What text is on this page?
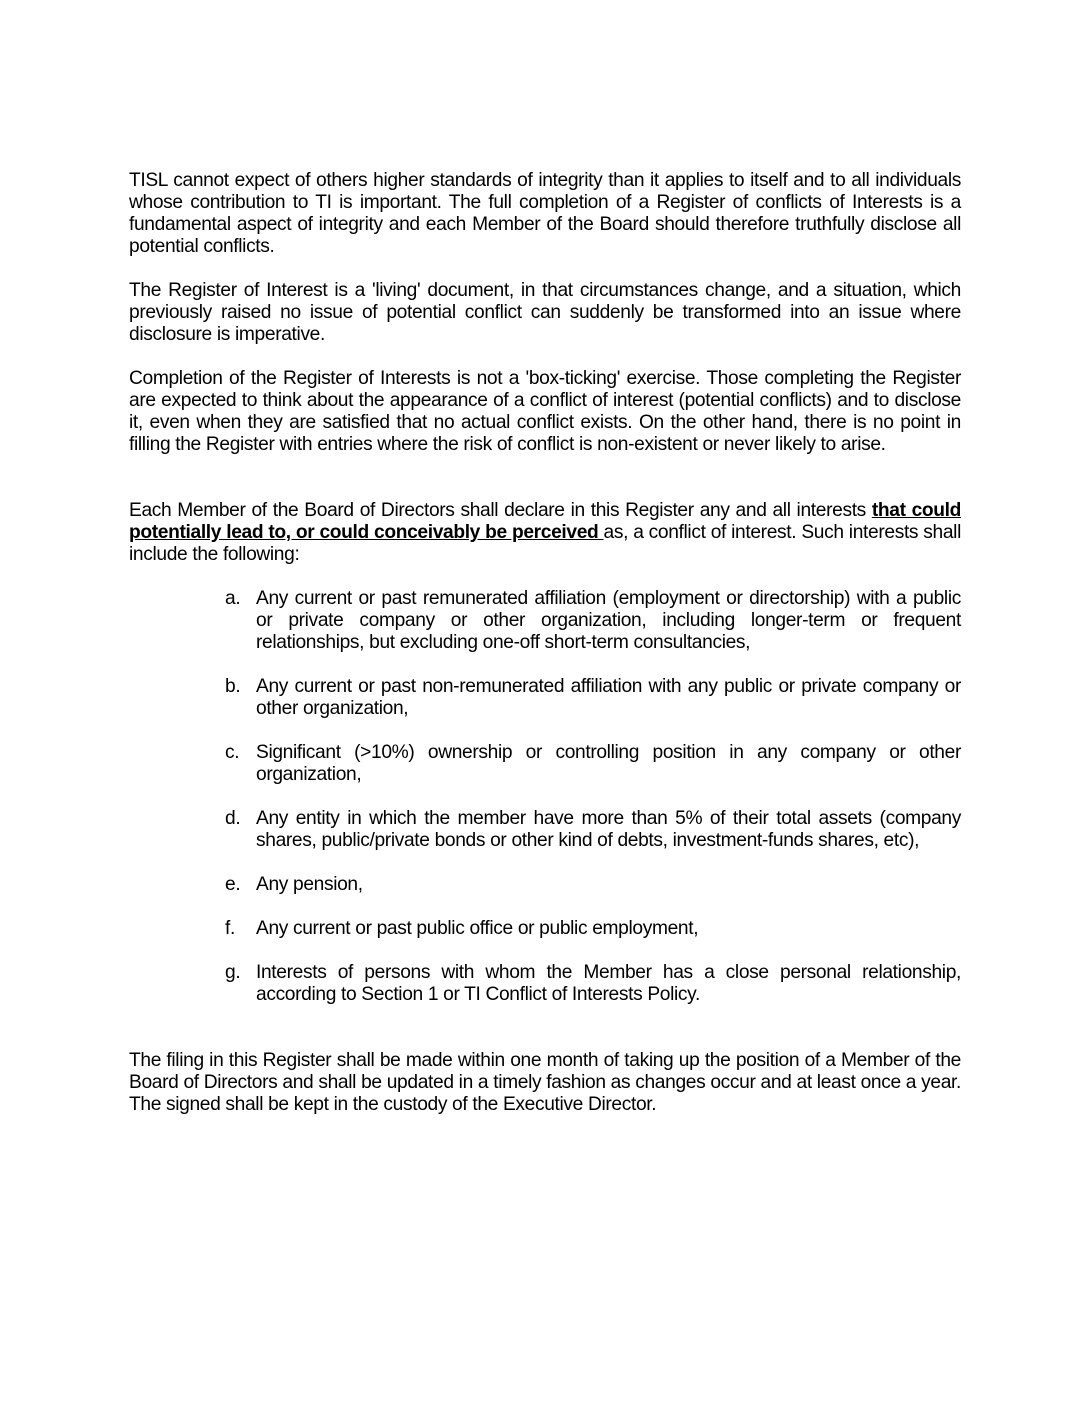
TISL cannot expect of others higher standards of integrity than it applies to itself and to all individuals whose contribution to TI is important. The full completion of a Register of conflicts of Interests is a fundamental aspect of integrity and each Member of the Board should therefore truthfully disclose all potential conflicts.

The Register of Interest is a 'living' document, in that circumstances change, and a situation, which previously raised no issue of potential conflict can suddenly be transformed into an issue where disclosure is imperative.

Completion of the Register of Interests is not a 'box-ticking' exercise. Those completing the Register are expected to think about the appearance of a conflict of interest (potential conflicts) and to disclose it, even when they are satisfied that no actual conflict exists. On the other hand, there is no point in filling the Register with entries where the risk of conflict is non-existent or never likely to arise.

Each Member of the Board of Directors shall declare in this Register any and all interests that could potentially lead to, or could conceivably be perceived as, a conflict of interest. Such interests shall include the following:

a. Any current or past remunerated affiliation (employment or directorship) with a public or private company or other organization, including longer-term or frequent relationships, but excluding one-off short-term consultancies,
b. Any current or past non-remunerated affiliation with any public or private company or other organization,
c. Significant (>10%) ownership or controlling position in any company or other organization,
d. Any entity in which the member have more than 5% of their total assets (company shares, public/private bonds or other kind of debts, investment-funds shares, etc),
e. Any pension,
f. Any current or past public office or public employment,
g. Interests of persons with whom the Member has a close personal relationship, according to Section 1 or TI Conflict of Interests Policy.

The filing in this Register shall be made within one month of taking up the position of a Member of the Board of Directors and shall be updated in a timely fashion as changes occur and at least once a year. The signed shall be kept in the custody of the Executive Director.
